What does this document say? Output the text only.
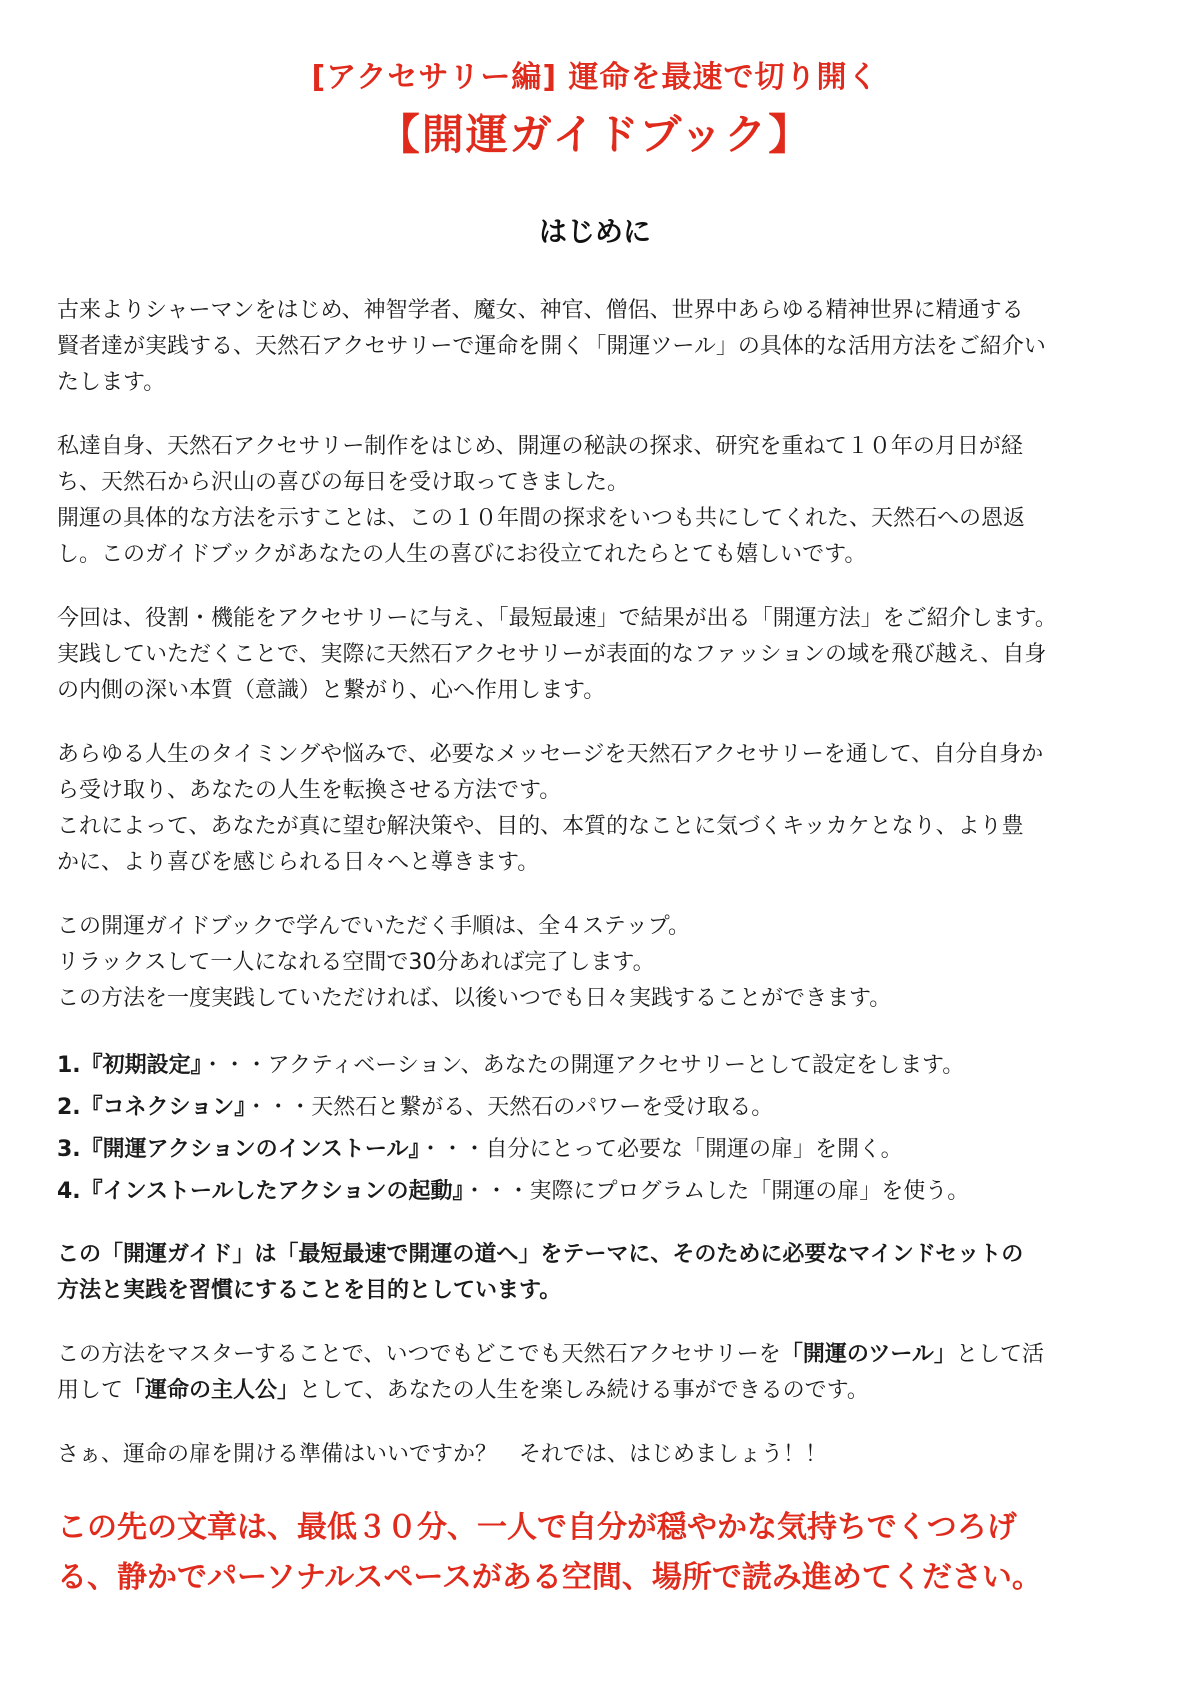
[アクセサリー編] 運命を最速で切り開く
【開運ガイドブック】
はじめに

古来よりシャーマンをはじめ、神智学者、魔女、神官、僧侶、世界中あらゆる精神世界に精通する
賢者達が実践する、天然石アクセサリーで運命を開く「開運ツール」の具体的な活用方法をご紹介い
たします。

私達自身、天然石アクセサリー制作をはじめ、開運の秘訣の探求、研究を重ねて１０年の月日が経
ち、天然石から沢山の喜びの毎日を受け取ってきました。
開運の具体的な方法を示すことは、この１０年間の探求をいつも共にしてくれた、天然石への恩返
し。このガイドブックがあなたの人生の喜びにお役立てれたらとても嬉しいです。

今回は、役割・機能をアクセサリーに与え、「最短最速」で結果が出る「開運方法」をご紹介します。
実践していただくことで、実際に天然石アクセサリーが表面的なファッションの域を飛び越え、自身
の内側の深い本質（意識）と繋がり、心へ作用します。

あらゆる人生のタイミングや悩みで、必要なメッセージを天然石アクセサリーを通して、自分自身か
ら受け取り、あなたの人生を転換させる方法です。
これによって、あなたが真に望む解決策や、目的、本質的なことに気づくキッカケとなり、より豊
かに、より喜びを感じられる日々へと導きます。

この開運ガイドブックで学んでいただく手順は、全４ステップ。
リラックスして一人になれる空間で30分あれば完了します。
この方法を一度実践していただければ、以後いつでも日々実践することができます。

1.『初期設定』・・・アクティベーション、あなたの開運アクセサリーとして設定をします。
2.『コネクション』・・・天然石と繋がる、天然石のパワーを受け取る。
3.『開運アクションのインストール』・・・自分にとって必要な「開運の扉」を開く。
4.『インストールしたアクションの起動』・・・実際にプログラムした「開運の扉」を使う。

この「開運ガイド」は「最短最速で開運の道へ」をテーマに、そのために必要なマインドセットの
方法と実践を習慣にすることを目的としています。

この方法をマスターすることで、いつでもどこでも天然石アクセサリーを「開運のツール」として活
用して「運命の主人公」として、あなたの人生を楽しみ続ける事ができるのです。

さぁ、運命の扉を開ける準備はいいですか？　それでは、はじめましょう！！

この先の文章は、最低３０分、一人で自分が穏やかな気持ちでくつろげ
る、静かでパーソナルスペースがある空間、場所で読み進めてください。
